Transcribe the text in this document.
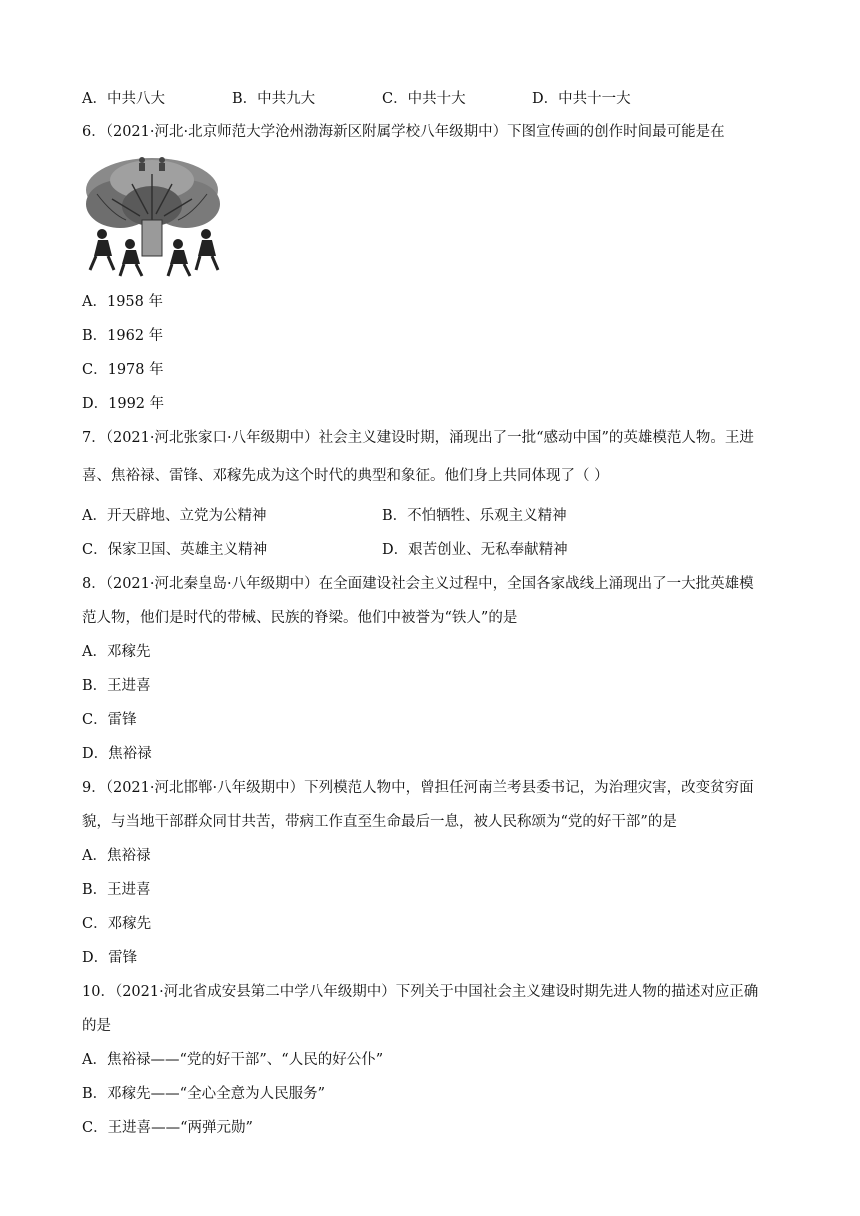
A．中共八大	B．中共九大	C．中共十大	D．中共十一大
6．（2021·河北·北京师范大学沧州渤海新区附属学校八年级期中）下图宣传画的创作时间最可能是在
A．1958 年
B．1962 年
C．1978 年
D．1992 年
7．（2021·河北张家口·八年级期中）社会主义建设时期，涌现出了一批“感动中国”的英雄模范人物。王进
喜、焦裕禄、雷锋、邓稼先成为这个时代的典型和象征。他们身上共同体现了（ ）
A．开天辟地、立党为公精神	B．不怕牺牲、乐观主义精神
C．保家卫国、英雄主义精神	D．艰苦创业、无私奉献精神
8．（2021·河北秦皇岛·八年级期中）在全面建设社会主义过程中，全国各家战线上涌现出了一大批英雄模
范人物，他们是时代的带械、民族的脊梁。他们中被誉为“铁人”的是
A．邓稼先
B．王进喜
C．雷锋
D．焦裕禄
9．（2021·河北邯郸·八年级期中）下列模范人物中，曾担任河南兰考县委书记，为治理灾害，改变贫穷面
貌，与当地干部群众同甘共苦，带病工作直至生命最后一息，被人民称颂为“党的好干部”的是
A．焦裕禄
B．王进喜
C．邓稼先
D．雷锋
10．（2021·河北省成安县第二中学八年级期中）下列关于中国社会主义建设时期先进人物的描述对应正确
的是
A．焦裕禄——“党的好干部”、“人民的好公仆”
B．邓稼先——“全心全意为人民服务”
C．王进喜——“两弹元勋”
